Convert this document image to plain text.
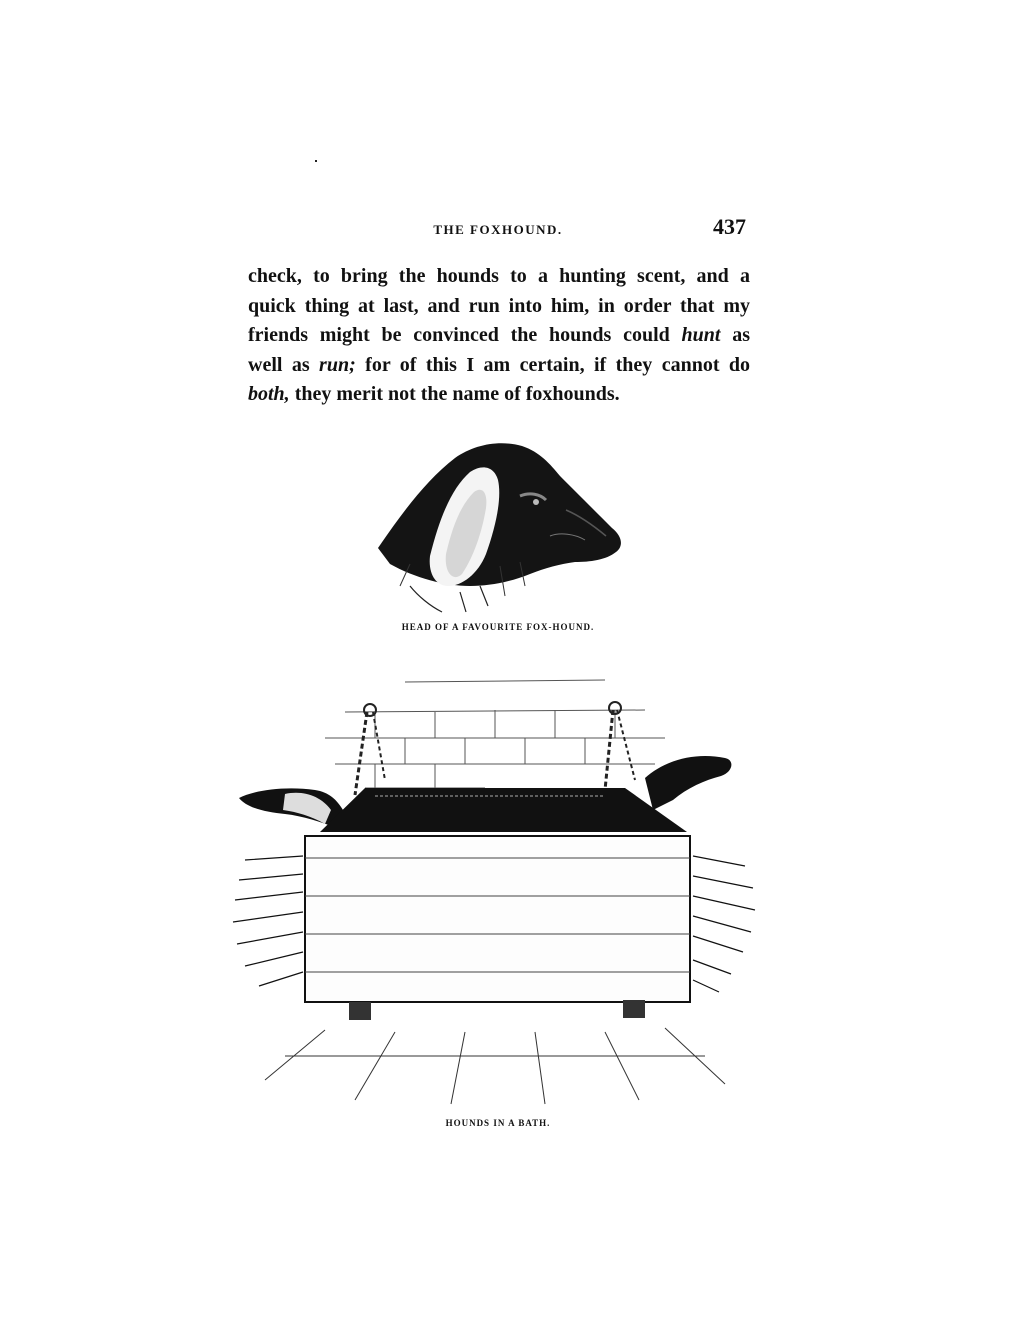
THE FOXHOUND.	437
check, to bring the hounds to a hunting scent, and a
quick thing at last, and run into him, in order that my
friends might be convinced the hounds could hunt as
well as run; for of this I am certain, if they cannot do
both, they merit not the name of foxhounds.
HEAD OF A FAVOURITE FOX-HOUND.
HOUNDS IN A BATH.
